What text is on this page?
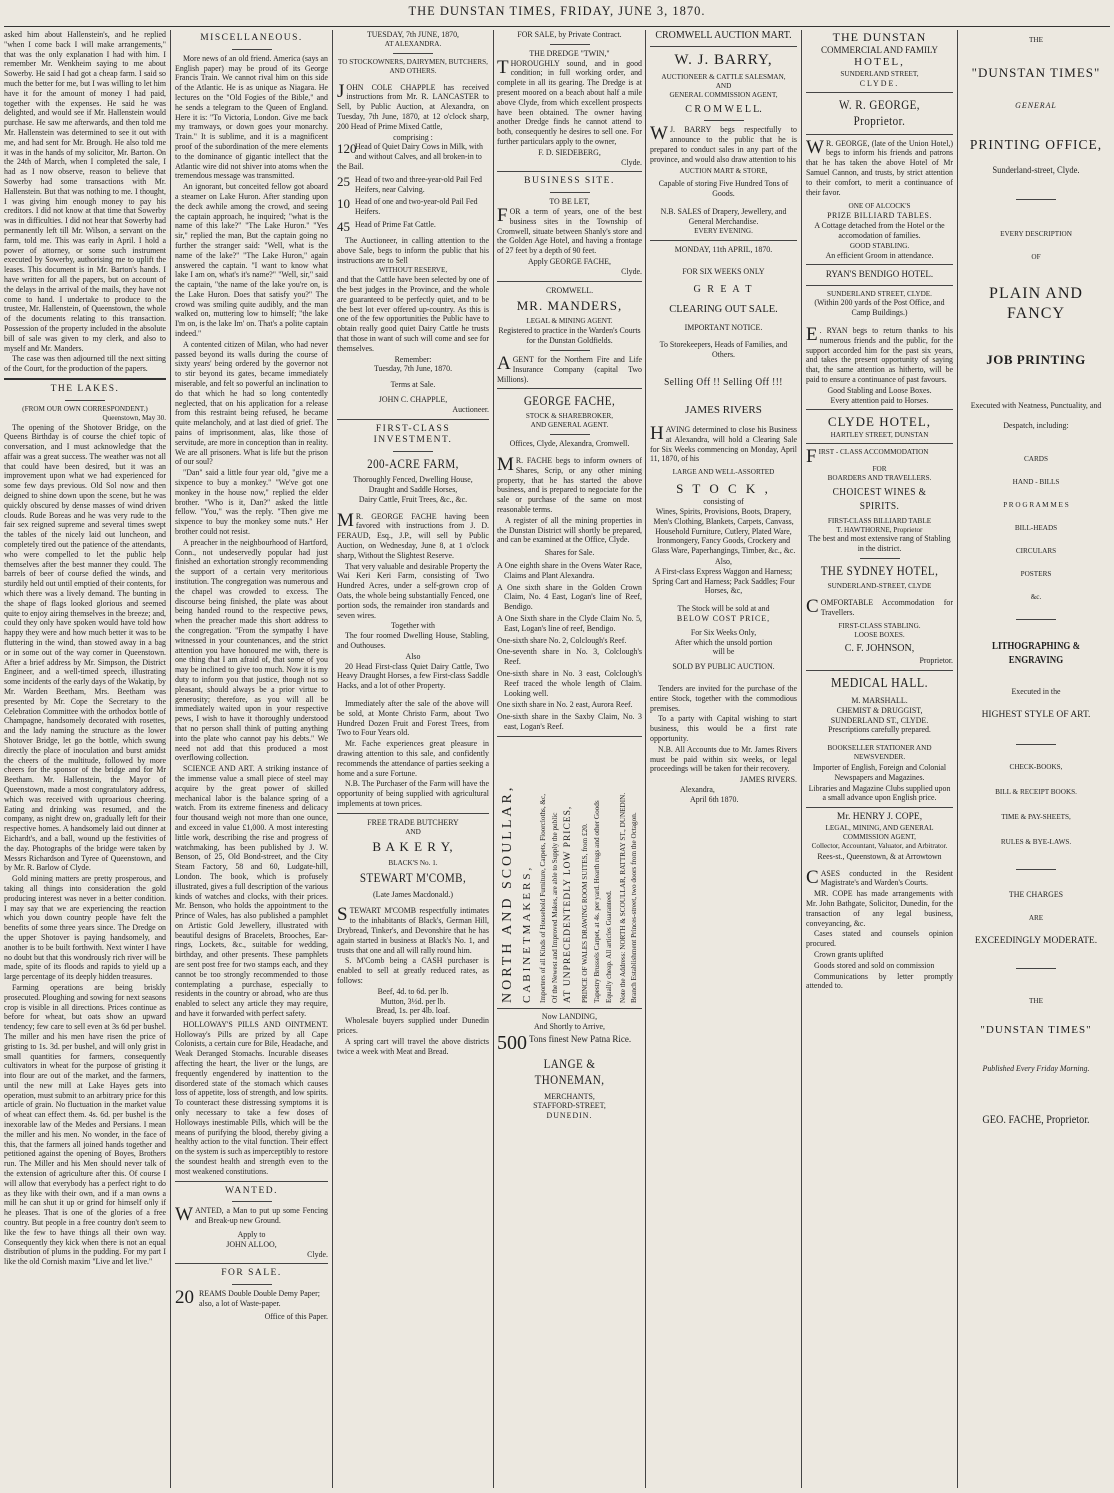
THE DUNSTAN TIMES, FRIDAY, JUNE 3, 1870.

asked him about Hallenstein's, and he replied "when I come back I will make arrangements," that was the only explanation I had with him. I remember Mr. Wenkheim saying to me about Sowerby. He said I had got a cheap farm. I said so much the better for me, but I was willing to let him have it for the amount of money I had paid, together with the expenses. He said he was delighted, and would see if Mr. Hallenstein would purchase. He saw me afterwards, and then told me Mr. Hallenstein was determined to see it out with me, and had sent for Mr. Brough. He also told me it was in the hands of my solicitor, Mr. Barton. On the 24th of March, when I completed the sale, I had as I now observe, reason to believe that Sowerby had some transactions with Mr. Hallenstein. But that was nothing to me. I thought, I was giving him enough money to pay his creditors. I did not know at that time that Sowerby was in difficulties. I did not hear that Sowerby had permanently left till Mr. Wilson, a servant on the farm, told me. This was early in April. I hold a power of attorney, or some such instrument executed by Sowerby, authorising me to uplift the leases. This document is in Mr. Barton's hands. I have written for all the papers, but on account of the delays in the arrival of the mails, they have not come to hand. I undertake to produce to the trustee, Mr. Hallenstein, of Queenstown, the whole of the documents relating to this transaction. Possession of the property included in the absolute bill of sale was given to my clerk, and also to myself and Mr. Manders.

The case was then adjourned till the next sitting of the Court, for the production of the papers.

THE LAKES.
(FROM OUR OWN CORRESPONDENT.)
Queenstown, May 30.

The opening of the Shotover Bridge, on the Queens Birthday is of course the chief topic of conversation, and I must acknowledge that the affair was a great success. The weather was not all that could have been desired, but it was an improvement upon what we had experienced for some few days previous. Old Sol now and then deigned to shine down upon the scene, but he was quickly obscured by dense masses of wind driven clouds. Rude Boreas and he was very rude to the fair sex reigned supreme and several times swept the tables of the nicely laid out luncheon, and completely tired out the patience of the attendants, who were compelled to let the public help themselves after the best manner they could. The barrels of beer of course defied the winds, and sturdily held out until emptied of their contents, for which there was a lively demand. The bunting in the shape of flags looked glorious and seemed quite to enjoy airing themselves in the breeze; and, could they only have spoken would have told how happy they were and how much better it was to be fluttering in the wind, than stowed away in a bag or in some out of the way corner in Queenstown. After a brief address by Mr. Simpson, the District Engineer, and a well-timed speech, illustrating some incidents of the early days of the Wakatip, by Mr. Warden Beetham, Mrs. Beetham was presented by Mr. Cope the Secretary to the Celebration Committee with the orthodox bottle of Champagne, handsomely decorated with rosettes, and the lady naming the structure as the lower Shotover Bridge, let go the bottle, which swung directly the place of inoculation and burst amidst the cheers of the multitude, followed by more cheers for the sponsor of the bridge and for Mr Beetham. Mr. Hallenstein, the Mayor of Queenstown, made a most congratulatory address, which was received with uproarious cheering. Eating and drinking was resumed, and the company, as night drew on, gradually left for their respective homes. A handsomely laid out dinner at Eichardt's, and a ball, wound up the festivities of the day. Photographs of the bridge were taken by Messrs Richardson and Tyree of Queenstown, and by Mr. R. Barlow of Clyde.

Gold mining matters are pretty prosperous, and taking all things into consideration the gold producing interest was never in a better condition. I may say that we are experiencing the reaction which you down country people have felt the benefits of some three years since. The Dredge on the upper Shotover is paying handsomely, and another is to be built forthwith. Next winter I have no doubt but that this wondrously rich river will be made, spite of its floods and rapids to yield up a large percentage of its deeply hidden treasures.

Farming operations are being briskly prosecuted. Ploughing and sowing for next seasons crop is visible in all directions. Prices continue as before for wheat, but oats show an upward tendency; few care to sell even at 3s 6d per bushel. The miller and his men have risen the price of gristing to 1s. 3d. per bushel, and will only grist in small quantities for farmers, consequently cultivators in wheat for the purpose of gristing it into flour are out of the market, and the farmers, until the new mill at Lake Hayes gets into operation, must submit to an arbitrary price for this article of grain. No fluctuation in the market value of wheat can effect them. 4s. 6d. per bushel is the inexorable law of the Medes and Persians. I mean the miller and his men. No wonder, in the face of this, that the farmers all joined hands together and petitioned against the opening of Boyes, Brothers run. The Miller and his Men should never talk of the extension of agriculture after this. Of course I will allow that everybody has a perfect right to do as they like with their own, and if a man owns a mill he can shut it up or grind for himself only if he pleases. That is one of the glories of a free country. But people in a free country don't seem to like the few to have things all their own way. Consequently they kick when there is not an equal distribution of plums in the pudding. For my part I like the old Cornish maxim "Live and let live."

MISCELLANEOUS.

More news of an old friend. America (says an English paper) may be proud of its George Francis Train. We cannot rival him on this side of the Atlantic. He is as unique as Niagara. He lectures on the "Old Fogies of the Bible," and he sends a telegram to the Queen of England. Here it is: "To Victoria, London. Give me back my tramways, or down goes your monarchy. Train." It is sublime, and it is a magnificent proof of the subordination of the mere elements to the dominance of gigantic intellect that the Atlantic wire did not shiver into atoms when the tremendous message was transmitted.

An ignorant, but conceited fellow got aboard a steamer on Lake Huron. After standing upon the deck awhile among the crowd, and seeing the captain approach, he inquired; "what is the name of this lake?" "The Lake Huron." "Yes sir," replied the man, But the captain going no further the stranger said: "Well, what is the name of the lake?" "The Lake Huron," again answered the captain. "I want to know what lake I am on, what's it's name?" "Well, sir," said the captain, "the name of the lake you're on, is the Lake Huron. Does that satisfy you?" The crowd was smiling quite audibly, and the man walked on, muttering low to himself; "the lake I'm on, is the lake Im' on. That's a polite captain indeed."

A contented citizen of Milan, who had never passed beyond its walls during the course of sixty years' being ordered by the governor not to stir beyond its gates, became immediately miserable, and felt so powerful an inclination to do that which he had so long contentedly neglected, that on his application for a release from this restraint being refused, he became quite melancholy, and at last died of grief. The pains of imprisonment, alas, like those of servitude, are more in conception than in reality. We are all prisoners. What is life but the prison of our soul?

"Dan" said a little four year old, "give me a sixpence to buy a monkey." "We've got one monkey in the house now," replied the elder brother. "Who is it, Dan?" asked the little fellow. "You," was the reply. "Then give me sixpence to buy the monkey some nuts." Her brother could not resist.

A preacher in the neighbourhood of Hartford, Conn., not undeservedly popular had just finished an exhortation strongly recommending the support of a certain very meritorious institution. The congregation was numerous and the chapel was crowded to excess. The discourse being finished, the plate was about being handed round to the respective pews, when the preacher made this short address to the congregation. "From the sympathy I have witnessed in your countenances, and the strict attention you have honoured me with, there is one thing that I am afraid of, that some of you may be inclined to give too much. Now it is my duty to inform you that justice, though not so pleasant, should always be a prior virtue to generosity; therefore, as you will all be immediately waited upon in your respective pews, I wish to have it thoroughly understood that no person shall think of putting anything into the plate who cannot pay his debts." We need not add that this produced a most overflowing collection.

SCIENCE AND ART. A striking instance of the immense value a small piece of steel may acquire by the great power of skilled mechanical labor is the balance spring of a watch. From its extreme fineness and delicacy four thousand weigh not more than one ounce, and exceed in value £1,000. A most interesting little work, describing the rise and progress of watchmaking, has been published by J. W. Benson, of 25, Old Bond-street, and the City Steam Factory, 58 and 60, Ludgate-hill, London. The book, which is profusely illustrated, gives a full description of the various kinds of watches and clocks, with their prices. Mr. Benson, who holds the appointment to the Prince of Wales, has also published a pamphlet on Artistic Gold Jewellery, illustrated with beautiful designs of Bracelets, Brooches, Ear-rings, Lockets, &c., suitable for wedding, birthday, and other presents. These pamphlets are sent post free for two stamps each, and they cannot be too strongly recommended to those contemplating a purchase, especially to residents in the country or abroad, who are thus enabled to select any article they may require, and have it forwarded with perfect safety.

HOLLOWAY'S PILLS AND OINTMENT. Holloway's Pills are prized by all Cape Colonists, a certain cure for Bile, Headache, and Weak Deranged Stomachs. Incurable diseases affecting the heart, the liver or the lungs, are frequently engendered by inattention to the disordered state of the stomach which causes loss of appetite, loss of strength, and low spirits. To counteract these distressing symptoms it is only necessary to take a few doses of Holloways inestimable Pills, which will be the means of purifying the blood, thereby giving a healthy action to the vital function. Their effect on the system is such as imperceptibly to restore the soundest health and strength even to the most weakened constitutions.

WANTED.

WANTED, a Man to put up some Fencing and Break-up new Ground.

Apply to
JOHN ALLOO,
Clyde.
FOR SALE.
20 REAMS Double Double Demy Paper; also, a lot of Waste-paper.
Office of this Paper.
TUESDAY, 7th JUNE, 1870,
AT ALEXANDRA.
TO STOCKOWNERS, DAIRYMEN, BUTCHERS, AND OTHERS.

JOHN COLE CHAPPLE has received instructions from Mr. R. LANCASTER to Sell, by Public Auction, at Alexandra, on Tuesday, 7th June, 1870, at 12 o'clock sharp, 200 Head of Prime Mixed Cattle,

comprising :
120
Head of Quiet Dairy Cows in Milk, with and without Calves, and all broken-in to the Bail.
25 Head of two and three-year-old Pail Fed Heifers, near Calving.
10 Head of one and two-year-old Pail Fed Heifers.
45 Head of Prime Fat Cattle.

The Auctioneer, in calling attention to the above Sale, begs to inform the public that his instructions are to Sell

WITHOUT RESERVE,

and that the Cattle have been selected by one of the best judges in the Province, and the whole are guaranteed to be perfectly quiet, and to be the best lot ever offered up-country. As this is one of the few opportunities the Public have to obtain really good quiet Dairy Cattle he trusts that those in want of such will come and see for themselves.

Remember:
Tuesday, 7th June, 1870.
Terms at Sale.
JOHN C. CHAPPLE,
Auctioneer.
FIRST-CLASS INVESTMENT.
200-ACRE FARM,
Thoroughly Fenced, Dwelling House,
Draught and Saddle Horses,
Dairy Cattle, Fruit Trees, &c., &c.

M R. GEORGE FACHE having been favored with instructions from J. D. FERAUD, Esq., J.P., will sell by Public Auction, on Wednesday, June 8, at 1 o'clock sharp, Without the Slightest Reserve.

That very valuable and desirable Property the Wai Keri Keri Farm, consisting of Two Hundred Acres, under a self-grown crop of Oats, the whole being substantially Fenced, one portion sods, the remainder iron standards and seven wires.

Together with

The four roomed Dwelling House, Stabling, and Outhouses.

Also

20 Head First-class Quiet Dairy Cattle, Two Heavy Draught Horses, a few First-class Saddle Hacks, and a lot of other Property.

Immediately after the sale of the above will be sold, at Monte Christo Farm, about Two Hundred Dozen Fruit and Forest Trees, from Two to Four Years old.

Mr. Fache experiences great pleasure in drawing attention to this sale, and confidently recommends the attendance of parties seeking a home and a sure Fortune.

N.B. The Purchaser of the Farm will have the opportunity of being supplied with agricultural implements at town prices.

FREE TRADE BUTCHERY
AND
B A K E R Y,
BLACK'S No. 1.
STEWART M'COMB,
(Late James Macdonald.)

STEWART M'COMB respectfully intimates to the inhabitants of Black's, German Hill, Drybread, Tinker's, and Devonshire that he has again started in business at Black's No. 1, and trusts that one and all will rally round him.

S. M'Comb being a CASH purchaser is enabled to sell at greatly reduced rates, as follows:

Beef, 4d. to 6d. per lb.
Mutton, 3½d. per lb.
Bread, 1s. per 4lb. loaf.

Wholesale buyers supplied under Dunedin prices.

A spring cart will travel the above districts twice a week with Meat and Bread.

FOR SALE, by Private Contract.
THE DREDGE "TWIN,"

THOROUGHLY sound, and in good condition; in full working order, and complete in all its gearing. The Dredge is at present moored on a beach about half a mile above Clyde, from which excellent prospects have been obtained. The owner having another Dredge finds he cannot attend to both, consequently he desires to sell one. For further particulars apply to the owner,

F. D. SIEDEBERG,
Clyde.
BUSINESS SITE.
TO BE LET,

FOR a term of years, one of the best business sites in the Township of Cromwell, situate between Shanly's store and the Golden Age Hotel, and having a frontage of 27 feet by a depth of 90 feet.

Apply GEORGE FACHE,
Clyde.
CROMWELL.
MR. MANDERS,
LEGAL & MINING AGENT.

Registered to practice in the Warden's Courts for the Dunstan Goldfields.

AGENT for the Northern Fire and Life Insurance Company (capital Two Millions).

GEORGE FACHE,
STOCK & SHAREBROKER,
AND GENERAL AGENT.
Offices, Clyde, Alexandra, Cromwell.

M R. FACHE begs to inform owners of Shares, Scrip, or any other mining property, that he has started the above business, and is prepared to negociate for the sale or purchase of the same on most reasonable terms.

A register of all the mining properties in the Dunstan District will shortly be prepared, and can be examined at the Office, Clyde.

Shares for Sale.

A One eighth share in the Ovens Water Race, Claims and Plant Alexandra.

A One sixth share in the Golden Crown Claim, No. 4 East, Logan's line of Reef, Bendigo.

A One Sixth share in the Clyde Claim No. 5, East, Logan's line of reef, Bendigo.

One-sixth share No. 2, Colclough's Reef.

One-seventh share in No. 3, Colclough's Reef.

One-sixth share in No. 3 east, Colclough's Reef traced the whole length of Claim. Looking well.

One sixth share in No. 2 east, Aurora Reef.

One-sixth share in the Saxby Claim, No. 3 east, Logan's Reef.

NORTH AND SCOULLAR, CABINETMAKERS, Importers of all Kinds of Household Furniture, Carpets, Floorcloths, &c, Of the Newest and Improved Makes, are able to Supply the public AT UNPRECEDENTEDLY LOW PRICES, PRINCE OF WALES DRAWING ROOM SUITES, from £20. Tapestry Brussels Carpet, at 4s. per yard. Hearth rugs and other Goods Equally cheap. All articles Guaranteed. Note the Address: NORTH & SCOULLAR, RATTRAY ST., DUNEDIN. Branch Establishment Princes-street, two doors from the Octagon.
Now LANDING,
And Shortly to Arrive,
500 Tons finest New Patna Rice.
LANGE & THONEMAN,
MERCHANTS,
STAFFORD-STREET,
DUNEDIN.
CROMWELL AUCTION MART.
W. J. BARRY,
AUCTIONEER & CATTLE SALESMAN,
AND
GENERAL COMMISSION AGENT,
C R O M W E L L.

W J. BARRY begs respectfully to announce to the public that he is prepared to conduct sales in any part of the province, and would also draw attention to his

AUCTION MART & STORE,

Capable of storing Five Hundred Tons of Goods.

N.B. SALES of Drapery, Jewellery, and General Merchandise.

EVERY EVENING.
MONDAY, 11th APRIL, 1870.
FOR SIX WEEKS ONLY
G R E A T
CLEARING OUT SALE.
IMPORTANT NOTICE.

To Storekeepers, Heads of Families, and Others.

Selling Off !! Selling Off !!!
JAMES RIVERS

HAVING determined to close his Business at Alexandra, will hold a Clearing Sale for Six Weeks commencing on Monday, April 11, 1870, of his

LARGE AND WELL-ASSORTED
S T O C K ,
consisting of

Wines, Spirits, Provisions, Boots, Drapery, Men's Clothing, Blankets, Carpets, Canvass, Household Furniture, Cutlery, Plated Ware, Ironmongery, Fancy Goods, Crockery and Glass Ware, Paperhangings, Timber, &c., &c.

Also,

A First-class Express Waggon and Harness; Spring Cart and Harness; Pack Saddles; Four Horses, &c,

The Stock will be sold at and
BELOW COST PRICE,
For Six Weeks Only,
After which the unsold portion
will be
SOLD BY PUBLIC AUCTION.

Tenders are invited for the purchase of the entire Stock, together with the commodious premises.

To a party with Capital wishing to start business, this would be a first rate opportunity.

N.B. All Accounts due to Mr. James Rivers must be paid within six weeks, or legal proceedings will be taken for their recovery.

JAMES RIVERS.
Alexandra,
April 6th 1870.
THE DUNSTAN
COMMERCIAL AND FAMILY
HOTEL,
SUNDERLAND STREET,
CLYDE.
W. R. GEORGE, Proprietor.

W R. GEORGE, (late of the Union Hotel,) begs to inform his friends and patrons that he has taken the above Hotel of Mr Samuel Cannon, and trusts, by strict attention to their comfort, to merit a continuance of their favor.

ONE OF ALCOCK'S
PRIZE BILLIARD TABLES.

A Cottage detached from the Hotel or the accomodation of families.

GOOD STABLING.
An efficient Groom in attendance.
RYAN'S BENDIGO HOTEL.
SUNDERLAND STREET, CLYDE.

(Within 200 yards of the Post Office, and Camp Buildings.)

E . RYAN begs to return thanks to his numerous friends and the public, for the support accorded him for the past six years, and takes the present opportunity of saying that, the same attention as hitherto, will be paid to ensure a continuance of past favours.

Good Stabling and Loose Boxes.
Every attention paid to Horses.
CLYDE HOTEL,
HARTLEY STREET, DUNSTAN
FIRST - CLASS ACCOMMODATION
FOR
BOARDERS AND TRAVELLERS.
CHOICEST WINES & SPIRITS.
FIRST-CLASS BILLIARD TABLE
T. HAWTHORNE, Proprietor

The best and most extensive rang of Stabling in the district.

THE SYDNEY HOTEL,
SUNDERLAND-STREET, CLYDE

COMFORTABLE Accommodation for Travellers.

FIRST-CLASS STABLING.
LOOSE BOXES.
C. F. JOHNSON,
Proprietor.
MEDICAL HALL.
M. MARSHALL.
CHEMIST & DRUGGIST,
SUNDERLAND ST., CLYDE.
Prescriptions carefully prepared.

BOOKSELLER STATIONER AND NEWSVENDER.

Importer of English, Foreign and Colonial Newspapers and Magazines.

Libraries and Magazine Clubs supplied upon a small advance upon English price.

Mr. HENRY J. COPE,
LEGAL, MINING, AND GENERAL
COMMISSION AGENT,

Collector, Accountant, Valuator, and Arbitrator.

Rees-st., Queenstown, & at Arrowtown

CASES conducted in the Resident Magistrate's and Warden's Courts.

MR. COPE has made arrangements with Mr. John Bathgate, Solicitor, Dunedin, for the transaction of any legal business, conveyancing, &c.

Cases stated and counsels opinion procured.

Crown grants uplifted

Goods stored and sold on commission

Communications by letter promptly attended to.

THE
"DUNSTAN TIMES"
GENERAL
PRINTING OFFICE,
Sunderland-street, Clyde.
EVERY DESCRIPTION
OF
PLAIN AND FANCY
JOB PRINTING

Executed with Neatness, Punctuality, and Despatch, including:

CARDS
HAND - BILLS
P R O G R A M M E S
BILL-HEADS
CIRCULARS
POSTERS
&c.
LITHOGRAPHING & ENGRAVING
Executed in the
HIGHEST STYLE OF ART.
CHECK-BOOKS,
BILL & RECEIPT BOOKS.
TIME & PAY-SHEETS,
RULES & BYE-LAWS.
THE CHARGES
ARE
EXCEEDINGLY MODERATE.
THE
"DUNSTAN TIMES"
Published Every Friday Morning.
GEO. FACHE, Proprietor.
